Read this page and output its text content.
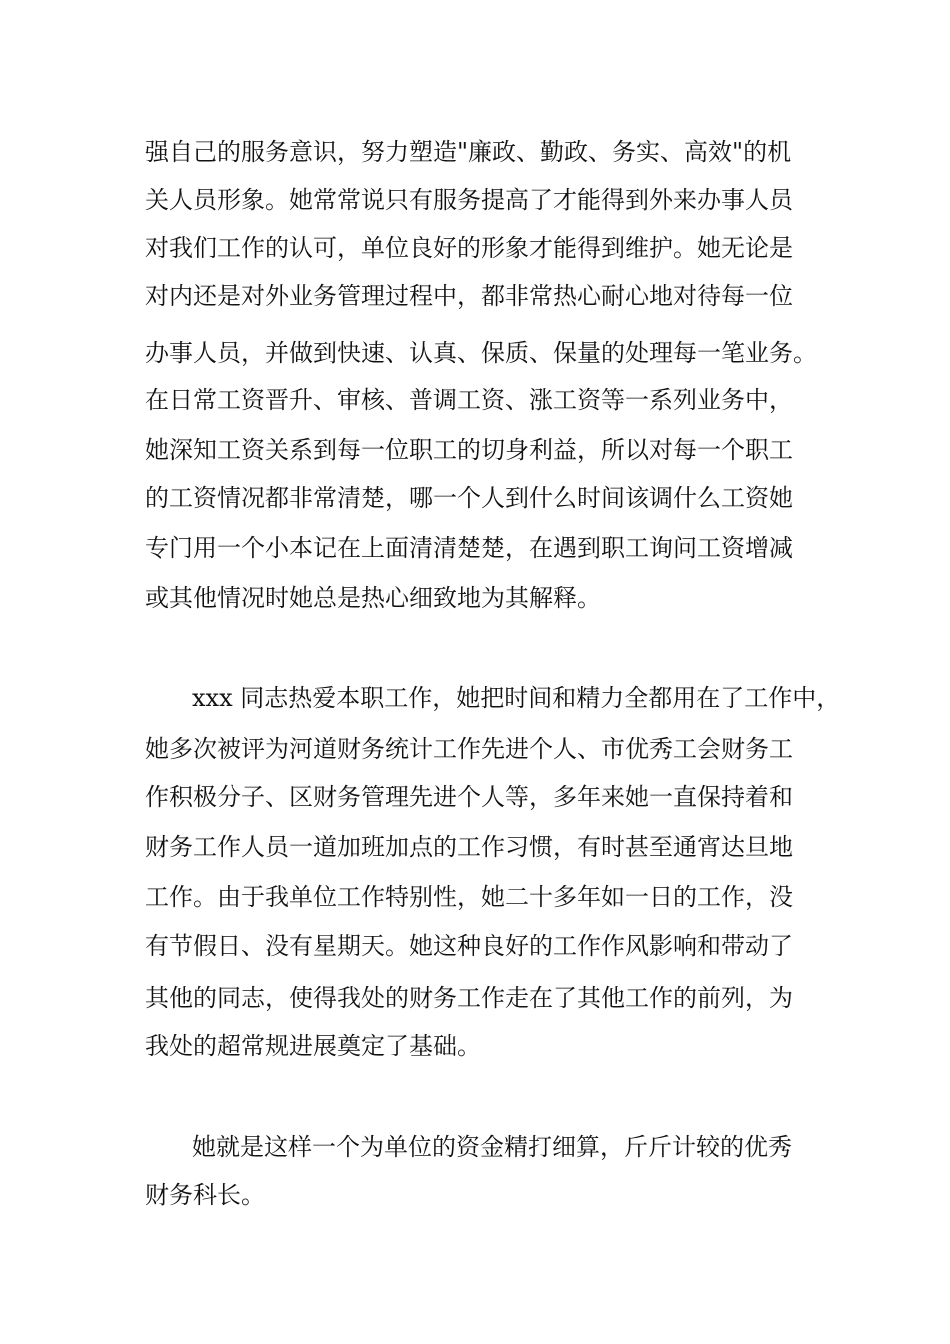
强自己的服务意识，努力塑造"廉政、勤政、务实、高效"的机
关人员形象。她常常说只有服务提高了才能得到外来办事人员
对我们工作的认可，单位良好的形象才能得到维护。她无论是
对内还是对外业务管理过程中，都非常热心耐心地对待每一位
办事人员，并做到快速、认真、保质、保量的处理每一笔业务。
在日常工资晋升、审核、普调工资、涨工资等一系列业务中，
她深知工资关系到每一位职工的切身利益，所以对每一个职工
的工资情况都非常清楚，哪一个人到什么时间该调什么工资她
专门用一个小本记在上面清清楚楚，在遇到职工询问工资增减
或其他情况时她总是热心细致地为其解释。
xxx 同志热爱本职工作，她把时间和精力全都用在了工作中，
她多次被评为河道财务统计工作先进个人、市优秀工会财务工
作积极分子、区财务管理先进个人等，多年来她一直保持着和
财务工作人员一道加班加点的工作习惯，有时甚至通宵达旦地
工作。由于我单位工作特别性，她二十多年如一日的工作，没
有节假日、没有星期天。她这种良好的工作作风影响和带动了
其他的同志，使得我处的财务工作走在了其他工作的前列，为
我处的超常规进展奠定了基础。
她就是这样一个为单位的资金精打细算，斤斤计较的优秀
财务科长。
